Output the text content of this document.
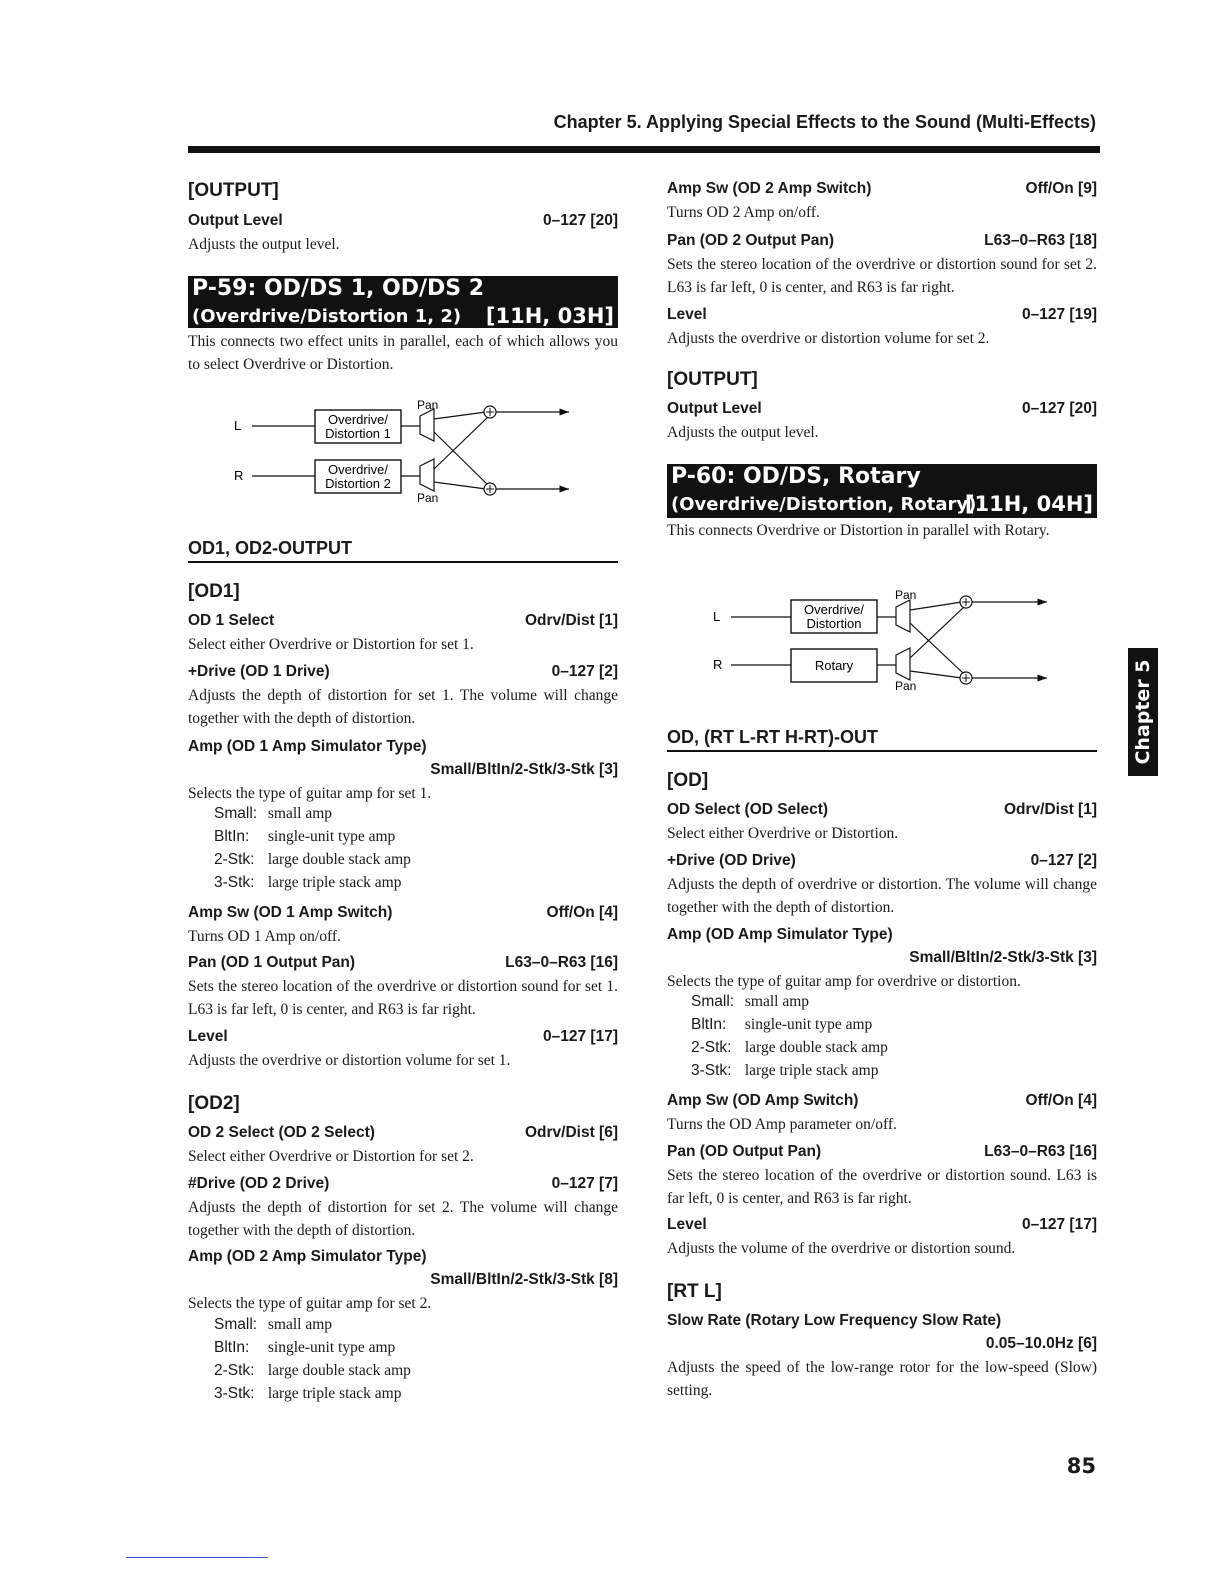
Chapter 5. Applying Special Effects to the Sound (Multi-Effects)
[OUTPUT]
Output Level	0–127 [20]
Adjusts the output level.
P-59: OD/DS 1, OD/DS 2
(Overdrive/Distortion 1, 2) [11H, 03H]
This connects two effect units in parallel, each of which allows you to select Overdrive or Distortion.
L
R
Overdrive/
Distortion 1
Overdrive/
Distortion 2
Pan
Pan
OD1, OD2-OUTPUT
[OD1]
OD 1 Select	Odrv/Dist [1]
Select either Overdrive or Distortion for set 1.
+Drive (OD 1 Drive)	0–127 [2]
Adjusts the depth of distortion for set 1. The volume will change together with the depth of distortion.
Amp (OD 1 Amp Simulator Type)
Small/BltIn/2-Stk/3-Stk [3]
Selects the type of guitar amp for set 1.
Small: small amp
BltIn: single-unit type amp
2-Stk: large double stack amp
3-Stk: large triple stack amp
Amp Sw (OD 1 Amp Switch)	Off/On [4]
Turns OD 1 Amp on/off.
Pan (OD 1 Output Pan)	L63–0–R63 [16]
Sets the stereo location of the overdrive or distortion sound for set 1. L63 is far left, 0 is center, and R63 is far right.
Level	0–127 [17]
Adjusts the overdrive or distortion volume for set 1.
[OD2]
OD 2 Select (OD 2 Select)	Odrv/Dist [6]
Select either Overdrive or Distortion for set 2.
#Drive (OD 2 Drive)	0–127 [7]
Adjusts the depth of distortion for set 2. The volume will change together with the depth of distortion.
Amp (OD 2 Amp Simulator Type)
Small/BltIn/2-Stk/3-Stk [8]
Selects the type of guitar amp for set 2.
Small: small amp
BltIn: single-unit type amp
2-Stk: large double stack amp
3-Stk: large triple stack amp
Amp Sw (OD 2 Amp Switch)	Off/On [9]
Turns OD 2 Amp on/off.
Pan (OD 2 Output Pan)	L63–0–R63 [18]
Sets the stereo location of the overdrive or distortion sound for set 2. L63 is far left, 0 is center, and R63 is far right.
Level	0–127 [19]
Adjusts the overdrive or distortion volume for set 2.
[OUTPUT]
Output Level	0–127 [20]
Adjusts the output level.
P-60: OD/DS, Rotary
(Overdrive/Distortion, Rotary)
[11H, 04H]
This connects Overdrive or Distortion in parallel with Rotary.
L
R
Overdrive/
Distortion
Rotary
Pan
Pan
OD, (RT L-RT H-RT)-OUT
[OD]
OD Select (OD Select)	Odrv/Dist [1]
Select either Overdrive or Distortion.
+Drive (OD Drive)	0–127 [2]
Adjusts the depth of overdrive or distortion. The volume will change together with the depth of distortion.
Amp (OD Amp Simulator Type)
Small/BltIn/2-Stk/3-Stk [3]
Selects the type of guitar amp for overdrive or distortion.
Small: small amp
BltIn: single-unit type amp
2-Stk: large double stack amp
3-Stk: large triple stack amp
Amp Sw (OD Amp Switch)	Off/On [4]
Turns the OD Amp parameter on/off.
Pan (OD Output Pan)	L63–0–R63 [16]
Sets the stereo location of the overdrive or distortion sound. L63 is far left, 0 is center, and R63 is far right.
Level	0–127 [17]
Adjusts the volume of the overdrive or distortion sound.
[RT L]
Slow Rate (Rotary Low Frequency Slow Rate)
0.05–10.0Hz [6]
Adjusts the speed of the low-range rotor for the low-speed (Slow) setting.
Chapter 5
85
